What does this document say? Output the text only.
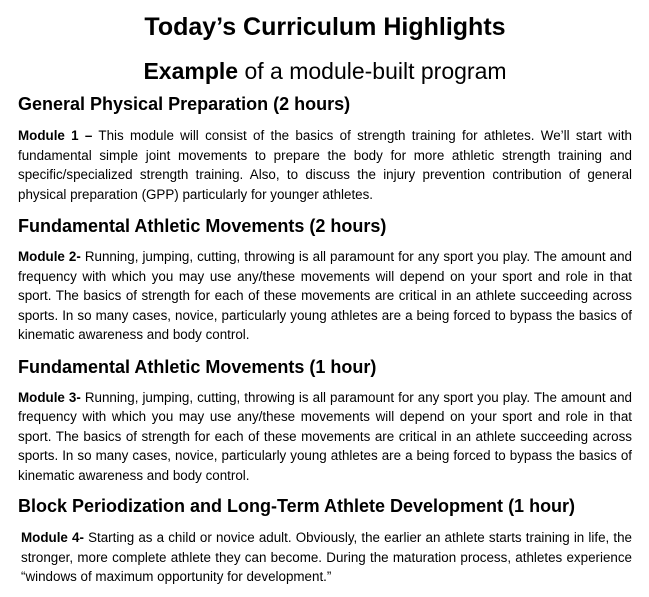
Today’s Curriculum Highlights

Example of a module-built program

General Physical Preparation (2 hours)

Module 1 – This module will consist of the basics of strength training for athletes. We’ll start with fundamental simple joint movements to prepare the body for more athletic strength training and specific/specialized strength training. Also, to discuss the injury prevention contribution of general physical preparation (GPP) particularly for younger athletes.

Fundamental Athletic Movements (2 hours)

Module 2- Running, jumping, cutting, throwing is all paramount for any sport you play. The amount and frequency with which you may use any/these movements will depend on your sport and role in that sport. The basics of strength for each of these movements are critical in an athlete succeeding across sports. In so many cases, novice, particularly young athletes are a being forced to bypass the basics of kinematic awareness and body control.

Fundamental Athletic Movements (1 hour)

Module 3- Running, jumping, cutting, throwing is all paramount for any sport you play. The amount and frequency with which you may use any/these movements will depend on your sport and role in that sport. The basics of strength for each of these movements are critical in an athlete succeeding across sports. In so many cases, novice, particularly young athletes are a being forced to bypass the basics of kinematic awareness and body control.

Block Periodization and Long-Term Athlete Development (1 hour)

Module 4- Starting as a child or novice adult. Obviously, the earlier an athlete starts training in life, the stronger, more complete athlete they can become. During the maturation process, athletes experience “windows of maximum opportunity for development.”
